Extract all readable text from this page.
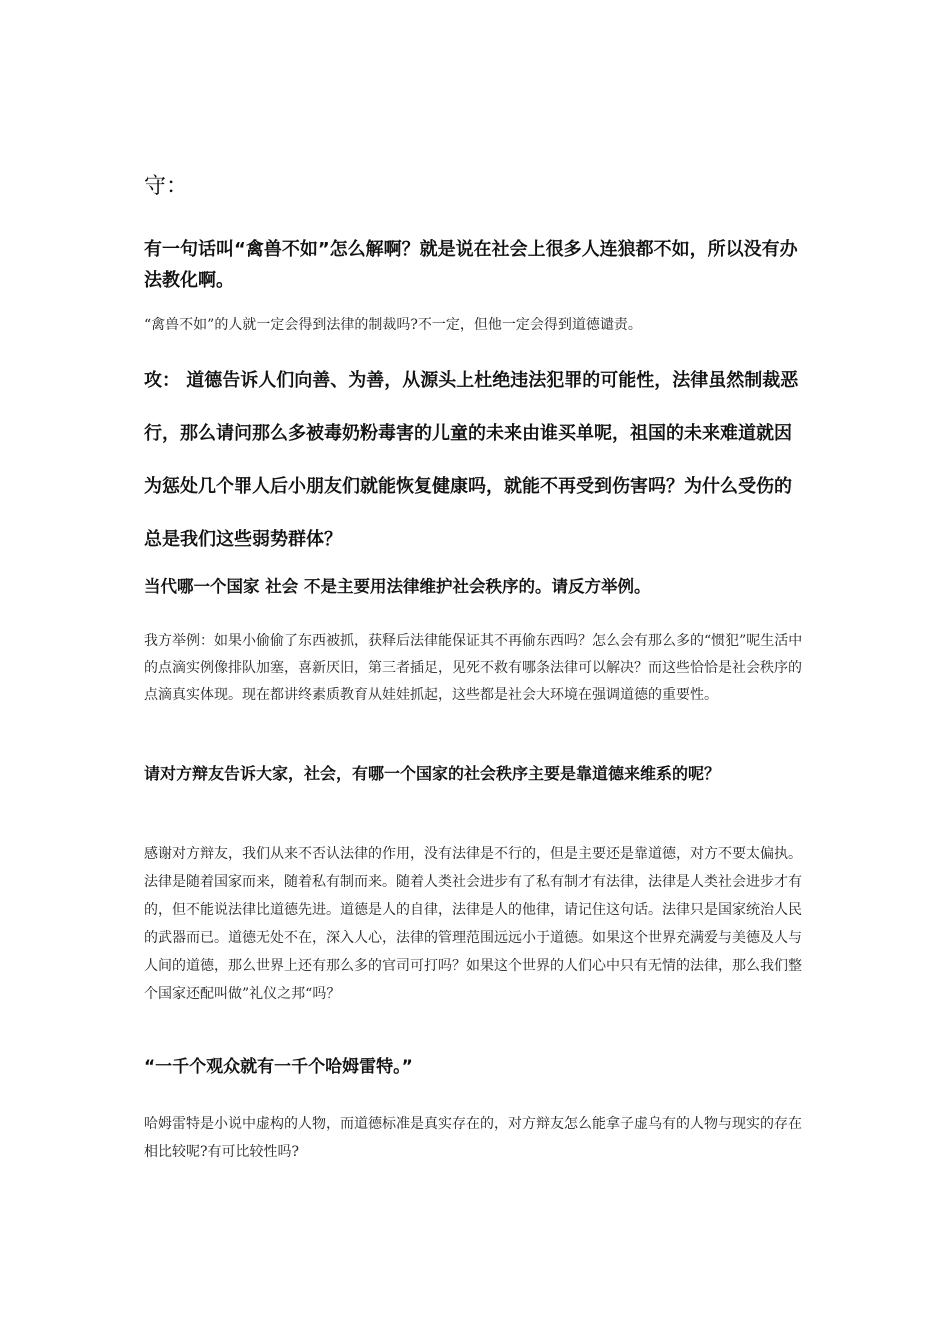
守：

有一句话叫“禽兽不如”怎么解啊？就是说在社会上很多人连狼都不如，所以没有办法教化啊。

“禽兽不如”的人就一定会得到法律的制裁吗?不一定，但他一定会得到道德谴责。

攻： 道德告诉人们向善、为善，从源头上杜绝违法犯罪的可能性，法律虽然制裁恶行，那么请问那么多被毒奶粉毒害的儿童的未来由谁买单呢，祖国的未来难道就因为惩处几个罪人后小朋友们就能恢复健康吗，就能不再受到伤害吗？为什么受伤的总是我们这些弱势群体？

当代哪一个国家 社会 不是主要用法律维护社会秩序的。请反方举例。

我方举例：如果小偷偷了东西被抓，获释后法律能保证其不再偷东西吗？怎么会有那么多的“惯犯”呢生活中的点滴实例像排队加塞，喜新厌旧，第三者插足，见死不救有哪条法律可以解决？而这些恰恰是社会秩序的点滴真实体现。现在都讲终素质教育从娃娃抓起，这些都是社会大环境在强调道德的重要性。

请对方辩友告诉大家，社会，有哪一个国家的社会秩序主要是靠道德来维系的呢？

感谢对方辩友，我们从来不否认法律的作用，没有法律是不行的，但是主要还是靠道德，对方不要太偏执。法律是随着国家而来，随着私有制而来。随着人类社会进步有了私有制才有法律，法律是人类社会进步才有的，但不能说法律比道德先进。道德是人的自律，法律是人的他律，请记住这句话。法律只是国家统治人民的武器而已。道德无处不在，深入人心，法律的管理范围远远小于道德。如果这个世界充满爱与美德及人与人间的道德，那么世界上还有那么多的官司可打吗？如果这个世界的人们心中只有无情的法律，那么我们整个国家还配叫做”礼仪之邦“吗？

“一千个观众就有一千个哈姆雷特。”

哈姆雷特是小说中虚构的人物，而道德标准是真实存在的，对方辩友怎么能拿子虚乌有的人物与现实的存在相比较呢?有可比较性吗?
